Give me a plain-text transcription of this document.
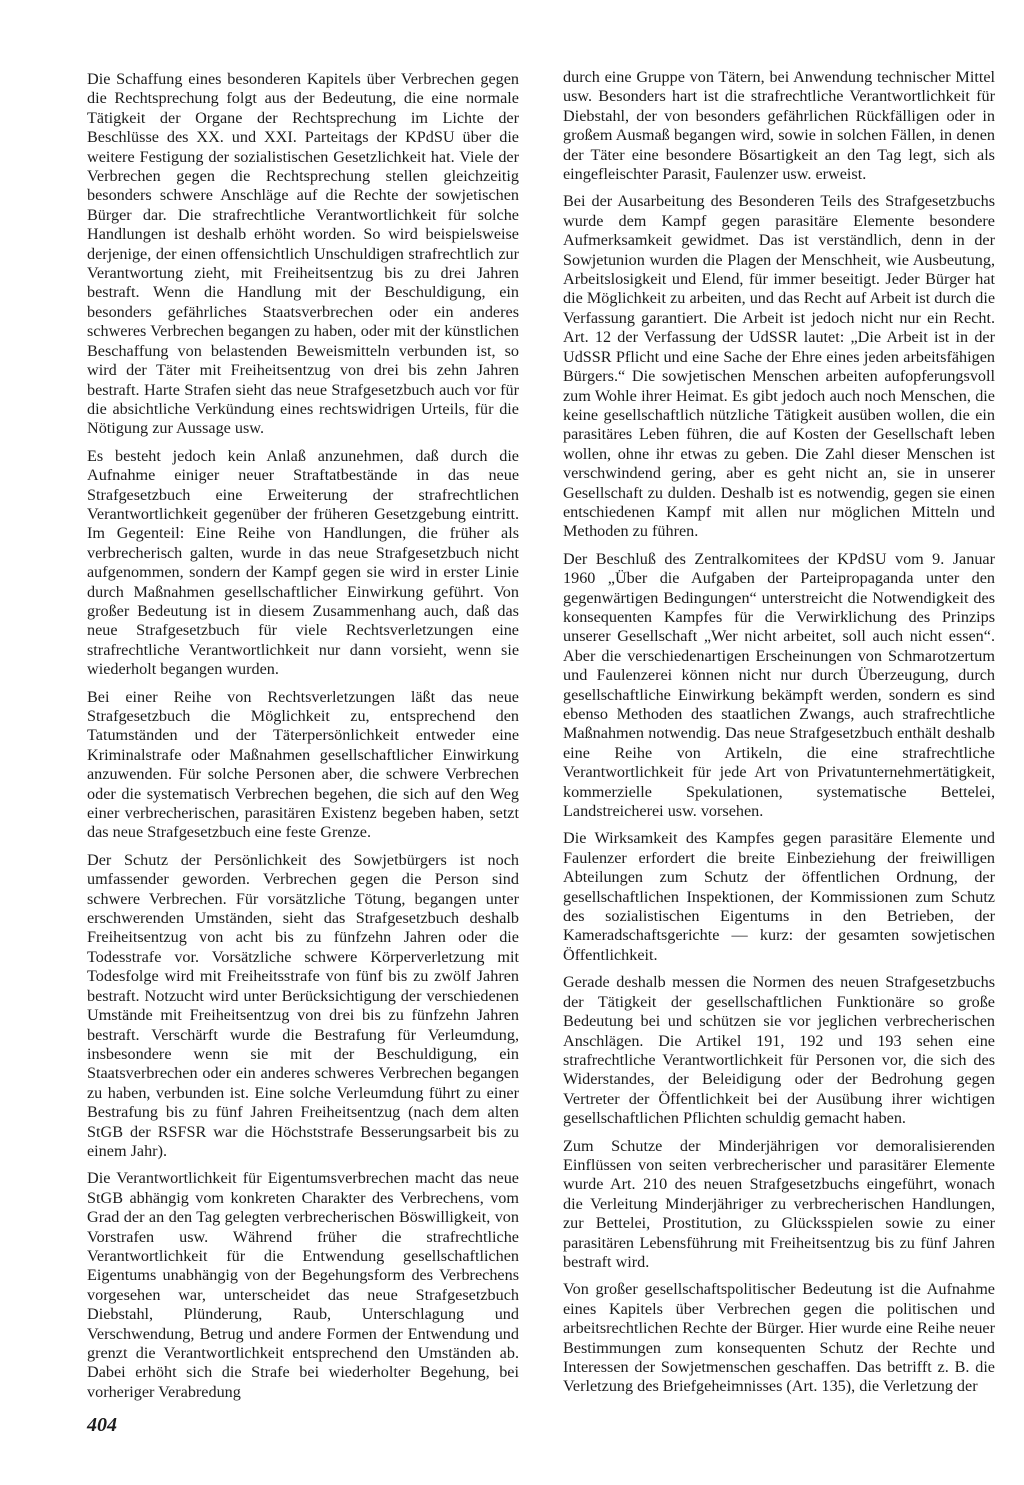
Die Schaffung eines besonderen Kapitels über Verbrechen gegen die Rechtsprechung folgt aus der Bedeutung, die eine normale Tätigkeit der Organe der Rechtsprechung im Lichte der Beschlüsse des XX. und XXI. Parteitags der KPdSU über die weitere Festigung der sozialistischen Gesetzlichkeit hat. Viele der Verbrechen gegen die Rechtsprechung stellen gleichzeitig besonders schwere Anschläge auf die Rechte der sowjetischen Bürger dar. Die strafrechtliche Verantwortlichkeit für solche Handlungen ist deshalb erhöht worden. So wird beispielsweise derjenige, der einen offensichtlich Unschuldigen strafrechtlich zur Verantwortung zieht, mit Freiheitsentzug bis zu drei Jahren bestraft. Wenn die Handlung mit der Beschuldigung, ein besonders gefährliches Staatsverbrechen oder ein anderes schweres Verbrechen begangen zu haben, oder mit der künstlichen Beschaffung von belastenden Beweismitteln verbunden ist, so wird der Täter mit Freiheitsentzug von drei bis zehn Jahren bestraft. Harte Strafen sieht das neue Strafgesetzbuch auch vor für die absichtliche Verkündung eines rechtswidrigen Urteils, für die Nötigung zur Aussage usw.

Es besteht jedoch kein Anlaß anzunehmen, daß durch die Aufnahme einiger neuer Straftatbestände in das neue Strafgesetzbuch eine Erweiterung der strafrechtlichen Verantwortlichkeit gegenüber der früheren Gesetzgebung eintritt. Im Gegenteil: Eine Reihe von Handlungen, die früher als verbrecherisch galten, wurde in das neue Strafgesetzbuch nicht aufgenommen, sondern der Kampf gegen sie wird in erster Linie durch Maßnahmen gesellschaftlicher Einwirkung geführt. Von großer Bedeutung ist in diesem Zusammenhang auch, daß das neue Strafgesetzbuch für viele Rechtsverletzungen eine strafrechtliche Verantwortlichkeit nur dann vorsieht, wenn sie wiederholt begangen wurden.

Bei einer Reihe von Rechtsverletzungen läßt das neue Strafgesetzbuch die Möglichkeit zu, entsprechend den Tatumständen und der Täterpersönlichkeit entweder eine Kriminalstrafe oder Maßnahmen gesellschaftlicher Einwirkung anzuwenden. Für solche Personen aber, die schwere Verbrechen oder die systematisch Verbrechen begehen, die sich auf den Weg einer verbrecherischen, parasitären Existenz begeben haben, setzt das neue Strafgesetzbuch eine feste Grenze.

Der Schutz der Persönlichkeit des Sowjetbürgers ist noch umfassender geworden. Verbrechen gegen die Person sind schwere Verbrechen. Für vorsätzliche Tötung, begangen unter erschwerenden Umständen, sieht das Strafgesetzbuch deshalb Freiheitsentzug von acht bis zu fünfzehn Jahren oder die Todesstrafe vor. Vorsätzliche schwere Körperverletzung mit Todesfolge wird mit Freiheitsstrafe von fünf bis zu zwölf Jahren bestraft. Notzucht wird unter Berücksichtigung der verschiedenen Umstände mit Freiheitsentzug von drei bis zu fünfzehn Jahren bestraft. Verschärft wurde die Bestrafung für Verleumdung, insbesondere wenn sie mit der Beschuldigung, ein Staatsverbrechen oder ein anderes schweres Verbrechen begangen zu haben, verbunden ist. Eine solche Verleumdung führt zu einer Bestrafung bis zu fünf Jahren Freiheitsentzug (nach dem alten StGB der RSFSR war die Höchststrafe Besserungsarbeit bis zu einem Jahr).

Die Verantwortlichkeit für Eigentumsverbrechen macht das neue StGB abhängig vom konkreten Charakter des Verbrechens, vom Grad der an den Tag gelegten verbrecherischen Böswilligkeit, von Vorstrafen usw. Während früher die strafrechtliche Verantwortlichkeit für die Entwendung gesellschaftlichen Eigentums unabhängig von der Begehungsform des Verbrechens vorgesehen war, unterscheidet das neue Strafgesetzbuch Diebstahl, Plünderung, Raub, Unterschlagung und Verschwendung, Betrug und andere Formen der Entwendung und grenzt die Verantwortlichkeit entsprechend den Umständen ab. Dabei erhöht sich die Strafe bei wiederholter Begehung, bei vorheriger Verabredung

durch eine Gruppe von Tätern, bei Anwendung technischer Mittel usw. Besonders hart ist die strafrechtliche Verantwortlichkeit für Diebstahl, der von besonders gefährlichen Rückfälligen oder in großem Ausmaß begangen wird, sowie in solchen Fällen, in denen der Täter eine besondere Bösartigkeit an den Tag legt, sich als eingefleischter Parasit, Faulenzer usw. erweist.

Bei der Ausarbeitung des Besonderen Teils des Strafgesetzbuchs wurde dem Kampf gegen parasitäre Elemente besondere Aufmerksamkeit gewidmet. Das ist verständlich, denn in der Sowjetunion wurden die Plagen der Menschheit, wie Ausbeutung, Arbeitslosigkeit und Elend, für immer beseitigt. Jeder Bürger hat die Möglichkeit zu arbeiten, und das Recht auf Arbeit ist durch die Verfassung garantiert. Die Arbeit ist jedoch nicht nur ein Recht. Art. 12 der Verfassung der UdSSR lautet: „Die Arbeit ist in der UdSSR Pflicht und eine Sache der Ehre eines jeden arbeitsfähigen Bürgers.“ Die sowjetischen Menschen arbeiten aufopferungsvoll zum Wohle ihrer Heimat. Es gibt jedoch auch noch Menschen, die keine gesellschaftlich nützliche Tätigkeit ausüben wollen, die ein parasitäres Leben führen, die auf Kosten der Gesellschaft leben wollen, ohne ihr etwas zu geben. Die Zahl dieser Menschen ist verschwindend gering, aber es geht nicht an, sie in unserer Gesellschaft zu dulden. Deshalb ist es notwendig, gegen sie einen entschiedenen Kampf mit allen nur möglichen Mitteln und Methoden zu führen.

Der Beschluß des Zentralkomitees der KPdSU vom 9. Januar 1960 „Über die Aufgaben der Parteipropaganda unter den gegenwärtigen Bedingungen“ unterstreicht die Notwendigkeit des konsequenten Kampfes für die Verwirklichung des Prinzips unserer Gesellschaft „Wer nicht arbeitet, soll auch nicht essen“. Aber die verschiedenartigen Erscheinungen von Schmarotzertum und Faulenzerei können nicht nur durch Überzeugung, durch gesellschaftliche Einwirkung bekämpft werden, sondern es sind ebenso Methoden des staatlichen Zwangs, auch strafrechtliche Maßnahmen notwendig. Das neue Strafgesetzbuch enthält deshalb eine Reihe von Artikeln, die eine strafrechtliche Verantwortlichkeit für jede Art von Privatunternehmertätigkeit, kommerzielle Spekulationen, systematische Bettelei, Landstreicherei usw. vorsehen.

Die Wirksamkeit des Kampfes gegen parasitäre Elemente und Faulenzer erfordert die breite Einbeziehung der freiwilligen Abteilungen zum Schutz der öffentlichen Ordnung, der gesellschaftlichen Inspektionen, der Kommissionen zum Schutz des sozialistischen Eigentums in den Betrieben, der Kameradschaftsgerichte — kurz: der gesamten sowjetischen Öffentlichkeit.

Gerade deshalb messen die Normen des neuen Strafgesetzbuchs der Tätigkeit der gesellschaftlichen Funktionäre so große Bedeutung bei und schützen sie vor jeglichen verbrecherischen Anschlägen. Die Artikel 191, 192 und 193 sehen eine strafrechtliche Verantwortlichkeit für Personen vor, die sich des Widerstandes, der Beleidigung oder der Bedrohung gegen Vertreter der Öffentlichkeit bei der Ausübung ihrer wichtigen gesellschaftlichen Pflichten schuldig gemacht haben.

Zum Schutze der Minderjährigen vor demoralisierenden Einflüssen von seiten verbrecherischer und parasitärer Elemente wurde Art. 210 des neuen Strafgesetzbuchs eingeführt, wonach die Verleitung Minderjähriger zu verbrecherischen Handlungen, zur Bettelei, Prostitution, zu Glücksspielen sowie zu einer parasitären Lebensführung mit Freiheitsentzug bis zu fünf Jahren bestraft wird.

Von großer gesellschaftspolitischer Bedeutung ist die Aufnahme eines Kapitels über Verbrechen gegen die politischen und arbeitsrechtlichen Rechte der Bürger. Hier wurde eine Reihe neuer Bestimmungen zum konsequenten Schutz der Rechte und Interessen der Sowjetmenschen geschaffen. Das betrifft z. B. die Verletzung des Briefgeheimnisses (Art. 135), die Verletzung der

404
